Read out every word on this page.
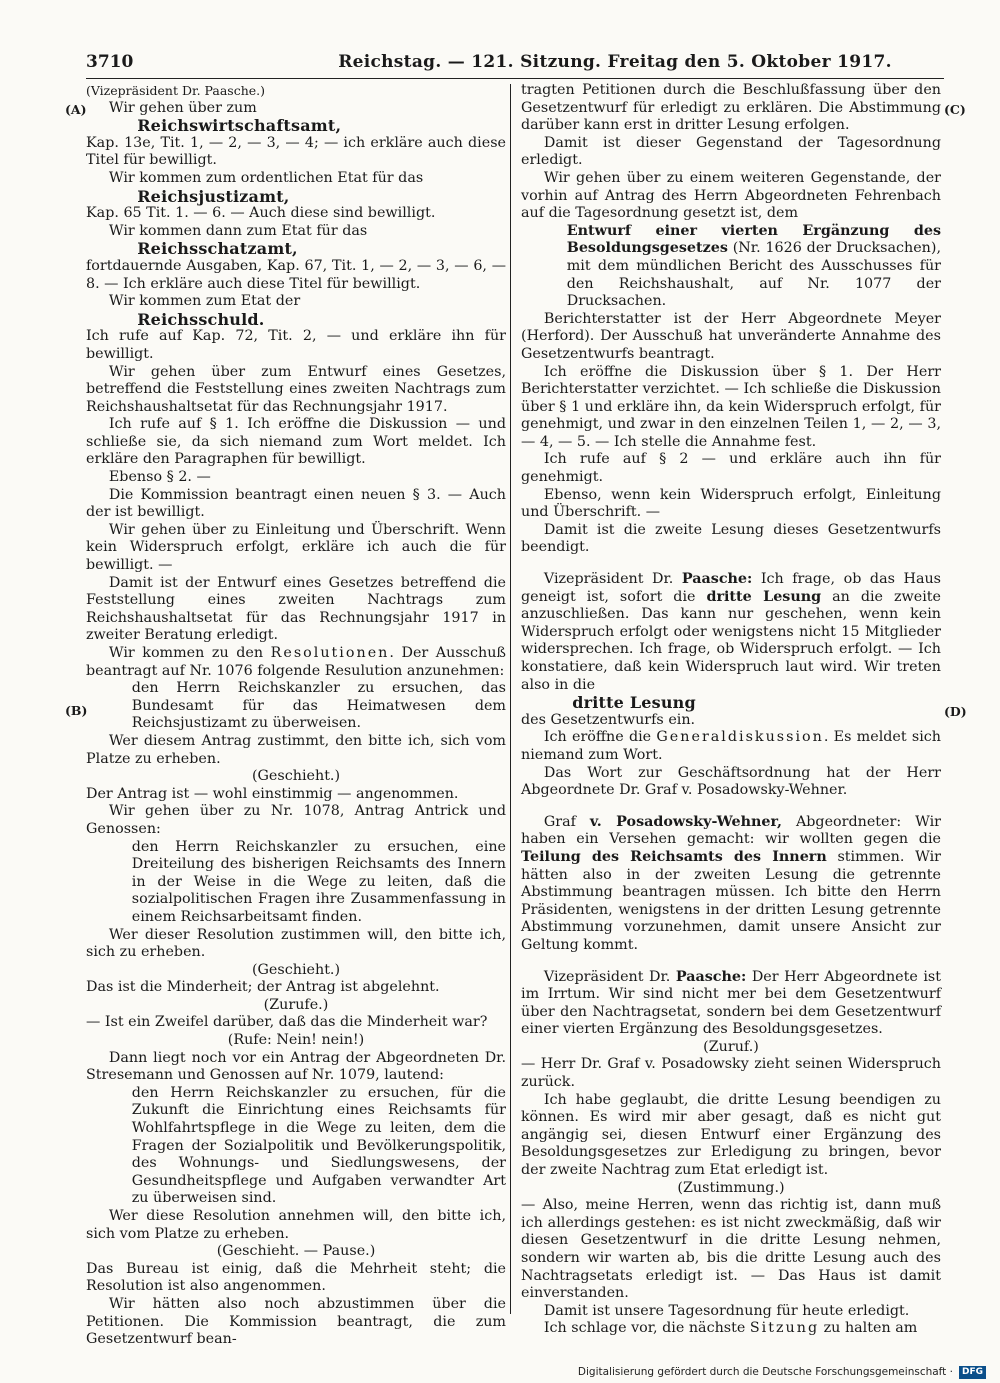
3710	Reichstag. — 121. Sitzung. Freitag den 5. Oktober 1917.
(A)
(B)
(C)
(D)

(Vizepräsident Dr. Paasche.)

Wir gehen über zum

Reichswirtschaftsamt,

Kap. 13e, Tit. 1, — 2, — 3, — 4; — ich erkläre auch diese Titel für bewilligt.

Wir kommen zum ordentlichen Etat für das

Reichsjustizamt,

Kap. 65 Tit. 1. — 6. — Auch diese sind bewilligt.

Wir kommen dann zum Etat für das

Reichsschatzamt,

fortdauernde Ausgaben, Kap. 67, Tit. 1, — 2, — 3, — 6, — 8. — Ich erkläre auch diese Titel für bewilligt.

Wir kommen zum Etat der

Reichsschuld.

Ich rufe auf Kap. 72, Tit. 2, — und erkläre ihn für bewilligt.

Wir gehen über zum Entwurf eines Gesetzes, betreffend die Feststellung eines zweiten Nachtrags zum Reichshaushaltsetat für das Rechnungsjahr 1917.

Ich rufe auf § 1. Ich eröffne die Diskussion — und schließe sie, da sich niemand zum Wort meldet. Ich erkläre den Paragraphen für bewilligt.

Ebenso § 2. —

Die Kommission beantragt einen neuen § 3. — Auch der ist bewilligt.

Wir gehen über zu Einleitung und Überschrift. Wenn kein Widerspruch erfolgt, erkläre ich auch die für bewilligt. —

Damit ist der Entwurf eines Gesetzes betreffend die Feststellung eines zweiten Nachtrags zum Reichshaushaltsetat für das Rechnungsjahr 1917 in zweiter Beratung erledigt.

Wir kommen zu den Resolutionen. Der Ausschuß beantragt auf Nr. 1076 folgende Resulution anzunehmen:

den Herrn Reichskanzler zu ersuchen, das Bundesamt für das Heimatwesen dem Reichsjustizamt zu überweisen.

Wer diesem Antrag zustimmt, den bitte ich, sich vom Platze zu erheben.

(Geschieht.)

Der Antrag ist — wohl einstimmig — angenommen.

Wir gehen über zu Nr. 1078, Antrag Antrick und Genossen:

den Herrn Reichskanzler zu ersuchen, eine Dreiteilung des bisherigen Reichsamts des Innern in der Weise in die Wege zu leiten, daß die sozialpolitischen Fragen ihre Zusammenfassung in einem Reichsarbeitsamt finden.

Wer dieser Resolution zustimmen will, den bitte ich, sich zu erheben.

(Geschieht.)

Das ist die Minderheit; der Antrag ist abgelehnt.

(Zurufe.)

— Ist ein Zweifel darüber, daß das die Minderheit war?

(Rufe: Nein! nein!)

Dann liegt noch vor ein Antrag der Abgeordneten Dr. Stresemann und Genossen auf Nr. 1079, lautend:

den Herrn Reichskanzler zu ersuchen, für die Zukunft die Einrichtung eines Reichsamts für Wohlfahrtspflege in die Wege zu leiten, dem die Fragen der Sozialpolitik und Bevölkerungspolitik, des Wohnungs- und Siedlungswesens, der Gesundheitspflege und Aufgaben verwandter Art zu überweisen sind.

Wer diese Resolution annehmen will, den bitte ich, sich vom Platze zu erheben.

(Geschieht. — Pause.)

Das Bureau ist einig, daß die Mehrheit steht; die Resolution ist also angenommen.

Wir hätten also noch abzustimmen über die Petitionen. Die Kommission beantragt, die zum Gesetzentwurf bean-

tragten Petitionen durch die Beschlußfassung über den Gesetzentwurf für erledigt zu erklären. Die Abstimmung darüber kann erst in dritter Lesung erfolgen.

Damit ist dieser Gegenstand der Tagesordnung erledigt.

Wir gehen über zu einem weiteren Gegenstande, der vorhin auf Antrag des Herrn Abgeordneten Fehrenbach auf die Tagesordnung gesetzt ist, dem

Entwurf einer vierten Ergänzung des Besoldungsgesetzes (Nr. 1626 der Drucksachen), mit dem mündlichen Bericht des Ausschusses für den Reichshaushalt, auf Nr. 1077 der Drucksachen.

Berichterstatter ist der Herr Abgeordnete Meyer (Herford). Der Ausschuß hat unveränderte Annahme des Gesetzentwurfs beantragt.

Ich eröffne die Diskussion über § 1. Der Herr Berichterstatter verzichtet. — Ich schließe die Diskussion über § 1 und erkläre ihn, da kein Widerspruch erfolgt, für genehmigt, und zwar in den einzelnen Teilen 1, — 2, — 3, — 4, — 5. — Ich stelle die Annahme fest.

Ich rufe auf § 2 — und erkläre auch ihn für genehmigt.

Ebenso, wenn kein Widerspruch erfolgt, Einleitung und Überschrift. —

Damit ist die zweite Lesung dieses Gesetzentwurfs beendigt.

Vizepräsident Dr. Paasche: Ich frage, ob das Haus geneigt ist, sofort die dritte Lesung an die zweite anzuschließen. Das kann nur geschehen, wenn kein Widerspruch erfolgt oder wenigstens nicht 15 Mitglieder widersprechen. Ich frage, ob Widerspruch erfolgt. — Ich konstatiere, daß kein Widerspruch laut wird. Wir treten also in die

dritte Lesung

des Gesetzentwurfs ein.

Ich eröffne die Generaldiskussion. Es meldet sich niemand zum Wort.

Das Wort zur Geschäftsordnung hat der Herr Abgeordnete Dr. Graf v. Posadowsky-Wehner.

Graf v. Posadowsky-Wehner, Abgeordneter: Wir haben ein Versehen gemacht: wir wollten gegen die Teilung des Reichsamts des Innern stimmen. Wir hätten also in der zweiten Lesung die getrennte Abstimmung beantragen müssen. Ich bitte den Herrn Präsidenten, wenigstens in der dritten Lesung getrennte Abstimmung vorzunehmen, damit unsere Ansicht zur Geltung kommt.

Vizepräsident Dr. Paasche: Der Herr Abgeordnete ist im Irrtum. Wir sind nicht mer bei dem Gesetzentwurf über den Nachtragsetat, sondern bei dem Gesetzentwurf einer vierten Ergänzung des Besoldungsgesetzes.

(Zuruf.)

— Herr Dr. Graf v. Posadowsky zieht seinen Widerspruch zurück.

Ich habe geglaubt, die dritte Lesung beendigen zu können. Es wird mir aber gesagt, daß es nicht gut angängig sei, diesen Entwurf einer Ergänzung des Besoldungsgesetzes zur Erledigung zu bringen, bevor der zweite Nachtrag zum Etat erledigt ist.

(Zustimmung.)

— Also, meine Herren, wenn das richtig ist, dann muß ich allerdings gestehen: es ist nicht zweckmäßig, daß wir diesen Gesetzentwurf in die dritte Lesung nehmen, sondern wir warten ab, bis die dritte Lesung auch des Nachtragsetats erledigt ist. — Das Haus ist damit einverstanden.

Damit ist unsere Tagesordnung für heute erledigt.

Ich schlage vor, die nächste Sitzung zu halten am

Digitalisierung gefördert durch die Deutsche Forschungsgemeinschaft ·	DFG
